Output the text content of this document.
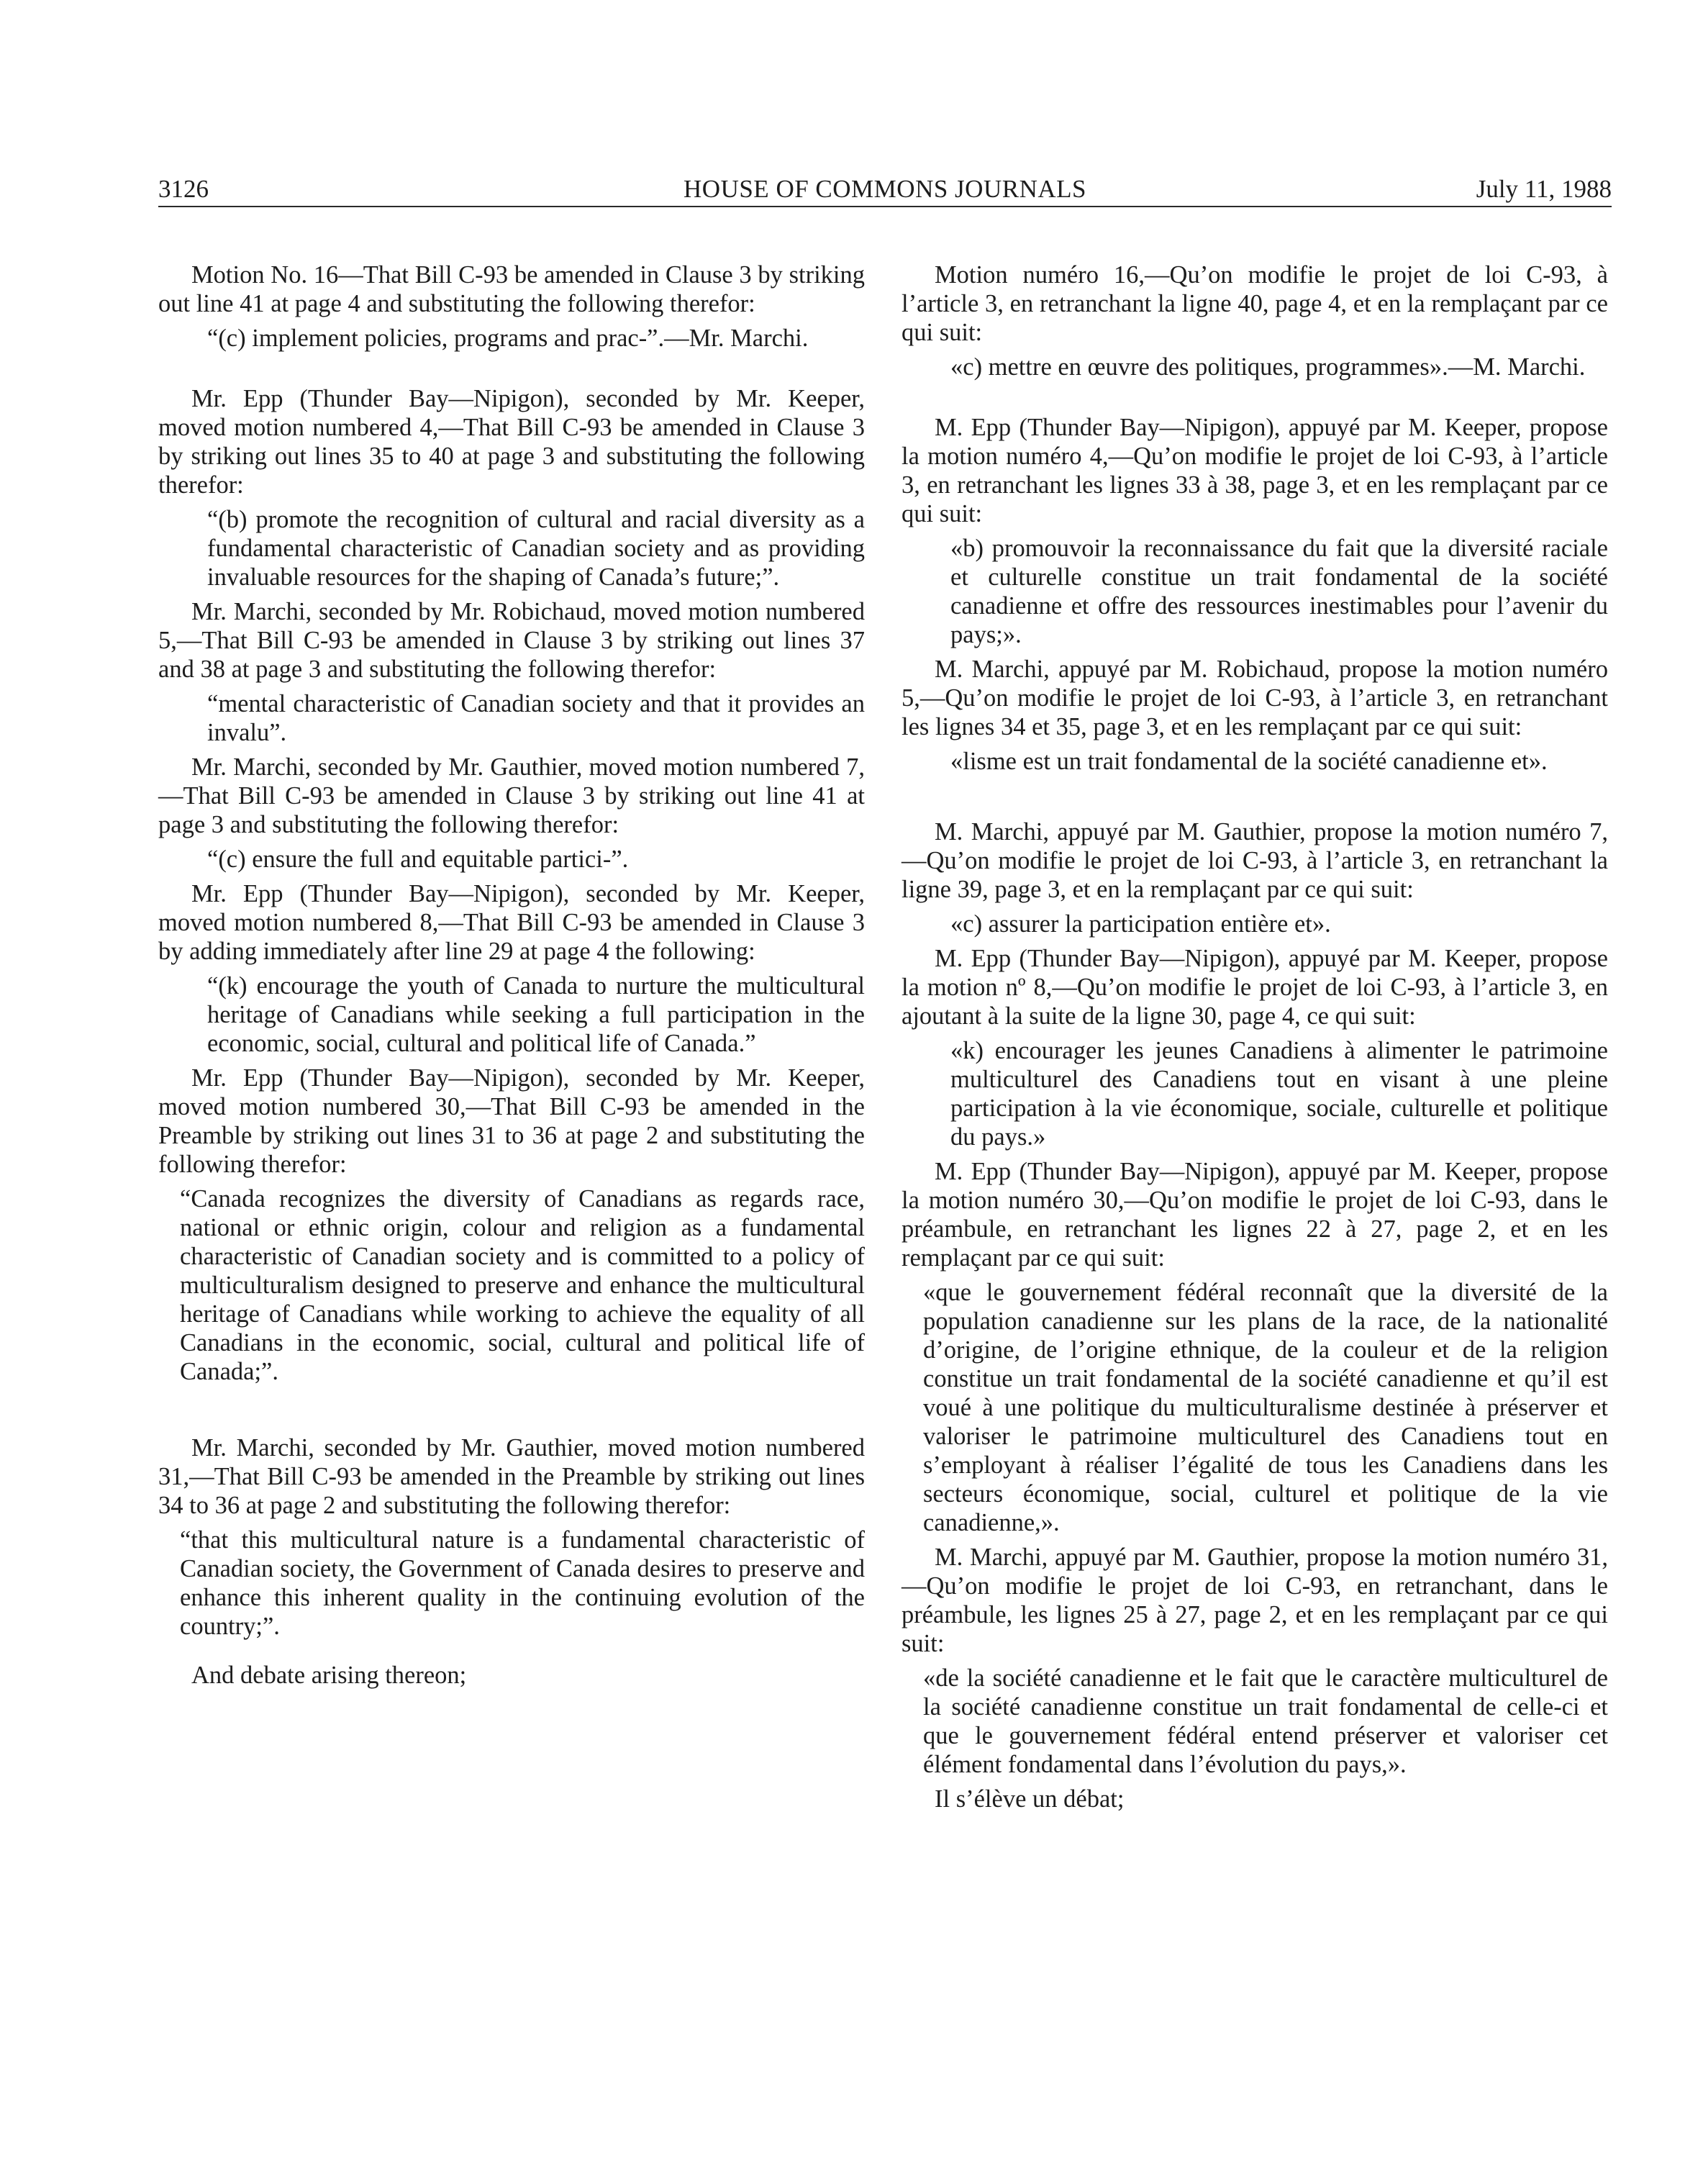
3126	HOUSE OF COMMONS JOURNALS	July 11, 1988

Motion No. 16—That Bill C-93 be amended in Clause 3 by striking out line 41 at page 4 and substituting the following therefor:

“(c) implement policies, programs and prac-”.—Mr. Marchi.

Mr. Epp (Thunder Bay—Nipigon), seconded by Mr. Keeper, moved motion numbered 4,—That Bill C-93 be amended in Clause 3 by striking out lines 35 to 40 at page 3 and substituting the following therefor:

“(b) promote the recognition of cultural and racial diversity as a fundamental characteristic of Canadian society and as providing invaluable resources for the shaping of Canada’s future;”.

Mr. Marchi, seconded by Mr. Robichaud, moved motion numbered 5,—That Bill C-93 be amended in Clause 3 by striking out lines 37 and 38 at page 3 and substituting the following therefor:

“mental characteristic of Canadian society and that it provides an invalu”.

Mr. Marchi, seconded by Mr. Gauthier, moved motion numbered 7,—That Bill C-93 be amended in Clause 3 by striking out line 41 at page 3 and substituting the following therefor:

“(c) ensure the full and equitable partici-”.

Mr. Epp (Thunder Bay—Nipigon), seconded by Mr. Keeper, moved motion numbered 8,—That Bill C-93 be amended in Clause 3 by adding immediately after line 29 at page 4 the following:

“(k) encourage the youth of Canada to nurture the multicultural heritage of Canadians while seeking a full participation in the economic, social, cultural and political life of Canada.”

Mr. Epp (Thunder Bay—Nipigon), seconded by Mr. Keeper, moved motion numbered 30,—That Bill C-93 be amended in the Preamble by striking out lines 31 to 36 at page 2 and substituting the following therefor:

“Canada recognizes the diversity of Canadians as regards race, national or ethnic origin, colour and religion as a fundamental characteristic of Canadian society and is committed to a policy of multiculturalism designed to preserve and enhance the multicultural heritage of Canadians while working to achieve the equality of all Canadians in the economic, social, cultural and political life of Canada;”.

Mr. Marchi, seconded by Mr. Gauthier, moved motion numbered 31,—That Bill C-93 be amended in the Preamble by striking out lines 34 to 36 at page 2 and substituting the following therefor:

“that this multicultural nature is a fundamental characteristic of Canadian society, the Government of Canada desires to preserve and enhance this inherent quality in the continuing evolution of the country;”.

And debate arising thereon;

Motion numéro 16,—Qu’on modifie le projet de loi C-93, à l’article 3, en retranchant la ligne 40, page 4, et en la remplaçant par ce qui suit:

«c) mettre en œuvre des politiques, programmes».—M. Marchi.

M. Epp (Thunder Bay—Nipigon), appuyé par M. Keeper, propose la motion numéro 4,—Qu’on modifie le projet de loi C-93, à l’article 3, en retranchant les lignes 33 à 38, page 3, et en les remplaçant par ce qui suit:

«b) promouvoir la reconnaissance du fait que la diversité raciale et culturelle constitue un trait fondamental de la société canadienne et offre des ressources inestimables pour l’avenir du pays;».

M. Marchi, appuyé par M. Robichaud, propose la motion numéro 5,—Qu’on modifie le projet de loi C-93, à l’article 3, en retranchant les lignes 34 et 35, page 3, et en les remplaçant par ce qui suit:

«lisme est un trait fondamental de la société canadienne et».

M. Marchi, appuyé par M. Gauthier, propose la motion numéro 7,—Qu’on modifie le projet de loi C-93, à l’article 3, en retranchant la ligne 39, page 3, et en la remplaçant par ce qui suit:

«c) assurer la participation entière et».

M. Epp (Thunder Bay—Nipigon), appuyé par M. Keeper, propose la motion nº 8,—Qu’on modifie le projet de loi C-93, à l’article 3, en ajoutant à la suite de la ligne 30, page 4, ce qui suit:

«k) encourager les jeunes Canadiens à alimenter le patrimoine multiculturel des Canadiens tout en visant à une pleine participation à la vie économique, sociale, culturelle et politique du pays.»

M. Epp (Thunder Bay—Nipigon), appuyé par M. Keeper, propose la motion numéro 30,—Qu’on modifie le projet de loi C-93, dans le préambule, en retranchant les lignes 22 à 27, page 2, et en les remplaçant par ce qui suit:

«que le gouvernement fédéral reconnaît que la diversité de la population canadienne sur les plans de la race, de la nationalité d’origine, de l’origine ethnique, de la couleur et de la religion constitue un trait fondamental de la société canadienne et qu’il est voué à une politique du multiculturalisme destinée à préserver et valoriser le patrimoine multiculturel des Canadiens tout en s’employant à réaliser l’égalité de tous les Canadiens dans les secteurs économique, social, culturel et politique de la vie canadienne,».

M. Marchi, appuyé par M. Gauthier, propose la motion numéro 31,—Qu’on modifie le projet de loi C-93, en retranchant, dans le préambule, les lignes 25 à 27, page 2, et en les remplaçant par ce qui suit:

«de la société canadienne et le fait que le caractère multiculturel de la société canadienne constitue un trait fondamental de celle-ci et que le gouvernement fédéral entend préserver et valoriser cet élément fondamental dans l’évolution du pays,».

Il s’élève un débat;
